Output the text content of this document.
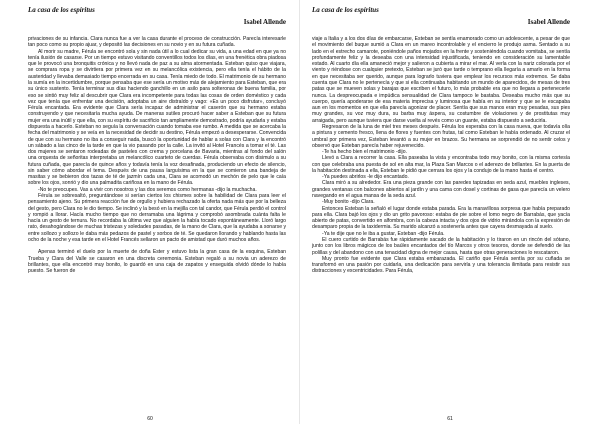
La casa de los espíritus
Isabel Allende

privaciones de su infancia. Clara nunca fue a ver la casa durante el proceso de construcción. Parecía interesarle tan poco como su propio ajuar, y depositó las decisiones en su novio y en su futura cuñada.

Al morir su madre, Férula se encontró sola y sin nada útil a lo cual dedicar su vida, a una edad en que ya no tenía ilusión de casarse. Por un tiempo estuvo visitando conventillos todos los días, en una frenética obra piadosa que le provocó una bronquitis crónica y no llevó nada de paz a su alma atormentada. Esteban quiso que viajara, se comprara ropa y se divirtiera por primera vez en su melancólica existencia, pero ella tenía el hábito de la austeridad y llevaba demasiado tiempo encerrada en su casa. Tenía miedo de todo. El matrimonio de su hermano la sumía en la incertidumbre, porque pensaba que ese sería un motivo más de alejamiento para Esteban, que era su único sustento. Tenía terminar sus días haciendo ganchillo en un asilo para solteronas de buena familia, por eso se sintió muy feliz al descubrir que Clara era incompetente para todas las cosas de orden doméstico y cada vez que tenía que enfrentar una decisión, adoptaba un aire distraído y vago: «Es un poco disfrutar», concluyó Férula encantada. Era evidente que Clara sería incapaz de administrar el caserón que su hermano estaba construyendo y que necesitaría mucha ayuda. De maneras sutiles procuró hacer saber a Esteban que su futura mujer era una inútil y que ella, con su espíritu de sacrificio tan ampliamente demostrado, podría ayudarla y estaba dispuesta a hacerlo. Esteban no seguía la conversación cuando tomaba ese rumbo. A medida que se acercaba la fecha del matrimonio y se veía en la necesidad de decidir su destino, Férula empezó a desesperarse. Convencida de que con su hermano no iba a conseguir nada, buscó la oportunidad de hablar a solas con Clara y la encontró un sábado a las cinco de la tarde en que la vio pasando por la calle. La invitó al Hotel Francés a tomar el té. Las dos mujeres se sentaron rodeadas de pasteles con crema y porcelana de Bavaria, mientras al fondo del salón una orquesta de señoritas interpretaba un melancólico cuarteto de cuerdas. Férula observaba con disimulo a su futura cuñada, que parecía de quince años y todavía tenía la voz desafinada, produciendo un efecto de silencio, sin saber cómo abordar el tema. Después de una pausa larguísima en la que se comieron una bandeja de masitas y se bebieron dos tazas de té de jazmín cada una, Clara se acomodó un mechón de pelo que le caía sobre los ojos, sonrió y dio una palmadita cariñosa en la mano de Férula.

-No te preocupes. Vas a vivir con nosotros y las dos seremos como hermanas -dijo la muchacha.

Férula se sobresaltó, preguntándose si serían ciertos los chismes sobre la habilidad de Clara para leer el pensamiento ajeno. Su primera reacción fue de orgullo y hubiera rechazado la oferta nada más que por la belleza del gesto, pero Clara no le dio tiempo. Se inclinó y la besó en la mejilla con tal candor, que Férula perdió el control y rompió a llorar. Hacía mucho tiempo que no derramaba una lágrima y comprobó asombrada cuánta falta le hacía un gesto de ternura. No recordaba la última vez que alguien la había tocado espontáneamente. Lloró largo rato, desahogándose de muchas tristezas y soledades pasadas, de la mano de Clara, que la ayudaba a sonarse y entre sollozo y sollozo le daba más pedazos de pastel y sorbos de té. Se quedaron llorando y hablando hasta las ocho de la noche y esa tarde en el Hotel Francés sellaron un pacto de amistad que duró muchos años.

Apenas terminó el duelo por la muerte de doña Ester y estuvo lista la gran casa de la esquina, Esteban Trueba y Clara del Valle se casaron en una discreta ceremonia. Esteban regaló a su novia un aderezo de brillantes, que ella encontró muy bonito, lo guardó en una caja de zapatos y enseguida olvidó dónde lo había puesto. Se fueron de

60
La casa de los espíritus
Isabel Allende

viaje a Italia y a los dos días de embarcarse, Esteban se sentía enamorado como un adolescente, a pesar de que el movimiento del buque sumió a Clara en un mareo incontrolable y el encierro le produjo asma. Sentado a su lado en el estrecho camarote, poniéndole paños mojados en la frente y sosteniéndola cuando vomitaba, se sentía profundamente feliz y la deseaba con una intensidad injustificada, teniendo en consideración su lamentable estado. Al cuarto día ella amaneció mejor y salieron a cubierta a mirar el mar. Al verla con la nariz colorada por el viento y riéndose con cualquier pretexto, Esteban se juró que tarde o temprano ella llegaría a amarlo en la forma en que necesitaba ser querido, aunque para lograrlo tuviera que emplear los recursos más extremos. Se daba cuenta que Clara no le pertenecía y que si ella continuaba habitando un mundo de aparecidos, de mesas de tres patas que se mueven solas y barajas que escriben el futuro, lo más probable era que no llegara a pertenecerle nunca. La despreocupada e impúdica sensualidad de Clara tampoco le bastaba. Deseaba mucho más que su cuerpo, quería apoderarse de esa materia imprecisa y luminosa que había en su interior y que se le escapaba aun en los momentos en que ella parecía agonizar de placer. Sentía que sus manos eran muy pesadas, sus pies muy grandes, su voz muy dura, su barba muy áspera, su costumbre de violaciones y de prostitutas muy arraigada, pero aunque tuviera que darse vuelta al revés como un guante, estaba dispuesto a seducirla.

Regresaron de la luna de miel tres meses después. Férula los esperaba con la casa nueva, que todavía olía a pintura y cemento fresco, llena de flores y fuentes con frutas, tal como Esteban le había ordenado. Al cruzar el umbral por primera vez, Esteban levantó a su mujer en brazos. Su hermana se sorprendió de no sentir celos y observó que Esteban parecía haber rejuvenecido.

-Te ha hecho bien el matrimonio -dijo.

Llevó a Clara a recorrer la casa. Ella paseaba la vista y encontraba todo muy bonito, con la misma cortesía con que celebraba una puesta de sol en alta mar, la Plaza San Marcos o el aderezo de brillantes. En la puerta de la habitación destinada a ella, Esteban le pidió que cerrara los ojos y la condujo de la mano hasta el centro.

-Ya puedes abrirlos -le dijo encantado.

Clara miró a su alrededor. Era una pieza grande con las paredes tapizadas en seda azul, muebles ingleses, grandes ventanas con balcones abiertos al jardín y una cama con dosel y cortinas de gasa que parecía un velero navegando en el agua mansa de la seda azul.

-Muy bonito -dijo Clara.

Entonces Esteban la señaló el lugar donde estaba parada. Era la maravillosa sorpresa que había preparado para ella. Clara bajó los ojos y dio un grito pavoroso: estaba de pie sobre el lomo negro de Barrabás, que yacía abierto de patas, convertido en alfombra, con la cabeza intacta y dos ojos de vidrio mirándola con la expresión de desamparo propia de la taxidermia. Su marido alcanzó a sostenerla antes que cayera desmayada al suelo.

-Ya te dije que no le iba a gustar, Esteban -dijo Férula.

El cuero curtido de Barrabás fue rápidamente sacado de la habitación y lo tiraron en un rincón del sótano, junto con los libros mágicos de los baúles encantados del tío Marcos y otros tesoros, donde se defendió de las polillas y del abandono con una tenacidad digna de mejor causa, hasta que otras generaciones lo rescataron.

Muy pronto fue evidente que Clara estaba embarazada. El cariño que Férula sentía por su cuñada se transformó en una pasión por cuidarla, una dedicación para servirla y una tolerancia ilimitada para resistir sus distracciones y excentricidades. Para Férula,

61
